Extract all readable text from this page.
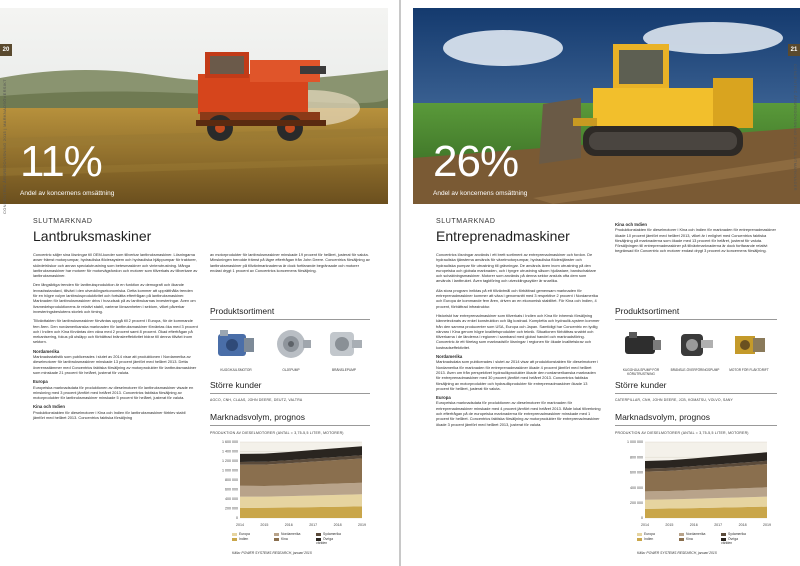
11%
Andel av koncernens omsättning
20
CONCENTRIC ÅRSREDOVISNING 2015 | MARKNADSÖVERSIKT
SLUTMARKNAD
Lantbruksmaskiner

Concentric säljer sina lösningar till OEM-kunder som tillverkar lantbruksmaskiner. Lösningarna avser främst motorpumpar, hydrauliska flödessystem och hydrauliska hjälppumpar för traktorer, skördetröskor och annan specialutrustning som betesmaskiner och vinterutrustning. Många lantbruksmaskiner har motorer för motorvägsfordon och motorer som tillverkats av tillverkare av lantbruksmaskiner.

Den långsiktiga trenden för lantbruksproduktion är en funktion av demografi och ökande levnadsstandard, tillväxt i den utvecklingsekonomiska. Detta kommer att upprätthålla trenden för en högre volym lantbruksproduktivitet och fortsätta efterfrågan på lantbruksmaskiner. Marknaden för lantbruksmaskiner drivs i huvudsak på av lantbrukarnas investeringar. Även om livsmedelsproduktionens är relativt stabil, varierar lönsamheten i sektorn, vilket påverkar investeringsbeslutens storlek och timing.

Tillväxttakten för lantbruksmaskiner förväntas uppgå till 2 procent i Europa, för de kommande fem åren. Den nordamerikanska marknaden för lantbruksmaskiner förväntas öka med 3 procent och i Indien och Kina förväntas den växa med 2 procent samt 8 procent. Ökad efterfrågan på mekanisering, fokus på utsläpp och förbättrad bränsleeffektivitet bidrar till denna tillväxt inom sektorn.

Nordamerika

Marknadsstatistik som publicerades i slutet av 2014 visar att produktionen i Nordamerika av dieselmotorer för lantbruksmaskiner minskade 13 procent jämfört med helåret 2013. Detta överensstämmer med Concentrics faktiska försäljning av motorprodukter för lantbruksmaskiner som minskade 21 procent för helåret, justerat för valuta.

Europa

Europeiska marknadsdata för produktionen av dieselmotorer för lantbruksmaskiner visade en minskning med 3 procent jämfört med helåret 2013. Concentrics faktiska försäljning av motorprodukter för lantbruksmaskiner minskade 5 procent för helåret, justerat för valuta.

Kina och Indien

Produktionstakten för dieselmotorer i Kina och Indien för lantbruksmaskiner förblev stabil jämfört med helåret 2013. Concentrics faktiska försäljning

av motorprodukter för lantbruksmaskiner minskade 19 procent för helåret, justerat för valuta. Minskningen berodde främst på lägre efterfrågan från John Deere. Concentrics försäljning av lantbruksmaskiner på tillväxtmarknaderna är dock fortfarande begränsade och motorer endast drygt 1 procent av Concentrics koncernens försäljning.

Produktsortiment
KUGGHJULSMOTOR	OLJEPUMP	BRÄNSLEPUMP
Större kunder
AGCO, CNH, CLAAS, JOHN DEERE, DEUTZ, VALTRA
Marknadsvolym, prognos
PRODUKTION AV DIESELMOTORER (ANTAL = 3,75-5,5 LITER, MOTORER)
0
200 000
400 000
600 000
800 000
1 000 000
1 200 000
1 400 000
1 600 000
2014	2015	2016	2017	2018	2019
Europa	Nordamerika	Sydamerika
Indien	Kina	Övriga världen
Källa: POWER SYSTEMS RESEARCH, januari 2015
26%
Andel av koncernens omsättning
21
CONCENTRIC ÅRSREDOVISNING 2015 | SLUTMARKNADER
SLUTMARKNAD
Entreprenadmaskiner

Concentrics lösningar används i ett brett sortiment av entreprenadmaskiner och fordon. De hydrauliska tjänsterna används för växelmotorpumpar, hydrauliska flödestjänster och hydrauliska pumpar för utrustning till grävningar. De används även inom utrustning på den europeiska och globala marknaden, och i tyngre utrustning såsom hjullastare, bandschaktare och schaktningsmaskiner. Motorer som används på denna sektor ansluts ofta dem som används i lantbruket. Även tagkföring och utvecklingscykler är snarlika.

Alla stora program inriktas på ett tillväxtmål och förbättrad gemensam marknaden för entreprenadmaskiner kommer att växa i genomsnitt med 3 respektive 2 procent i Nordamerika och Europa de kommande fem åren, driven av en ekonomisk stabilitet. För Kina och Indien, 4 procent, förbättrad infrastruktur.

Historiskt har entreprenadmaskiner som tillverkats i Indien och Kina för inhemsk försäljning kännetecknats av enkel konstruktion och låg kostnad. Kompletta och hydraulik-system kommer från den samma producenter som USA, Europa och Japan. Samtidigt har Concentric en tydlig närvaro i Kina genom högre kvalitetsprodukter och teknik. Situationen förbättras snabbt och tillverkarna i de länderna i regionen i samband med global handel och marknadsföring. Concentric är ett företag som marknadsför lösningar i regionen för ökade kvalitetskrav och kostnadseffektivitet.

Nordamerika

Marknadsdata som publicerades i slutet av 2014 visar att produktionstakten för dieselmotorer i Nordamerika för marknaden för entreprenadmaskiner ökade 4 procent jämfört med helåret 2013. Även om från perspektivet hydraulikprodukter ökade den nordamerikanska marknaden för entreprenadmaskiner med 30 procent jämfört med helåret 2013. Concentrics faktiska försäljning av motorprodukter och hydraulikprodukter för entreprenadmaskiner ökade 13 procent för helåret, justerat för valuta.

Europa

Europeiska marknadsdata för produktionen av dieselmotorer för marknaden för entreprenadmaskiner minskade med 4 procent jämfört med helåret 2013. Både lokal tillverkning och efterfrågan på de europeiska marknaderna för entreprenadmaskiner minskade med 1 procent för helåret. Concentrics faktiska försäljning av motorprodukter för entreprenadmaskiner ökade 3 procent jämfört med helåret 2013, justerat för valuta.

Kina och Indien

Produktionstakten för dieselmotorer i Kina och Indien för marknaden för entreprenadmaskiner ökade 10 procent jämfört med helåret 2013, vilket är i enlighet med Concentrics faktiska försäljning på marknaderna som ökade med 13 procent för helåret, justerat för valuta. Försäljningen till entreprenadmaskiner på tillväxtmarknaderna är dock fortfarande relativt begränsad för Concentric och motorer endast drygt 3 procent av koncernens försäljning.

Produktsortiment
KUGGHJULSPUMP FÖR KÖRUTRUSTNING
BRÄNSLE-ÖVERFÖRINGSPUMP	MOTOR FÖR FLÄKTDRIFT
Större kunder
CATERPILLAR, CNH, JOHN DEERE, JCB, KOMATSU, VOLVO, SANY
Marknadsvolym, prognos
PRODUKTION AV DIESELMOTORER (ANTAL = 3,75-5,5 LITER, MOTORER)
0
200 000
400 000
600 000
800 000
1 000 000
2014	2015	2016	2017	2018	2019
Europa	Nordamerika	Sydamerika
Indien	Kina	Övriga världen
Källa: POWER SYSTEMS RESEARCH, januari 2015
